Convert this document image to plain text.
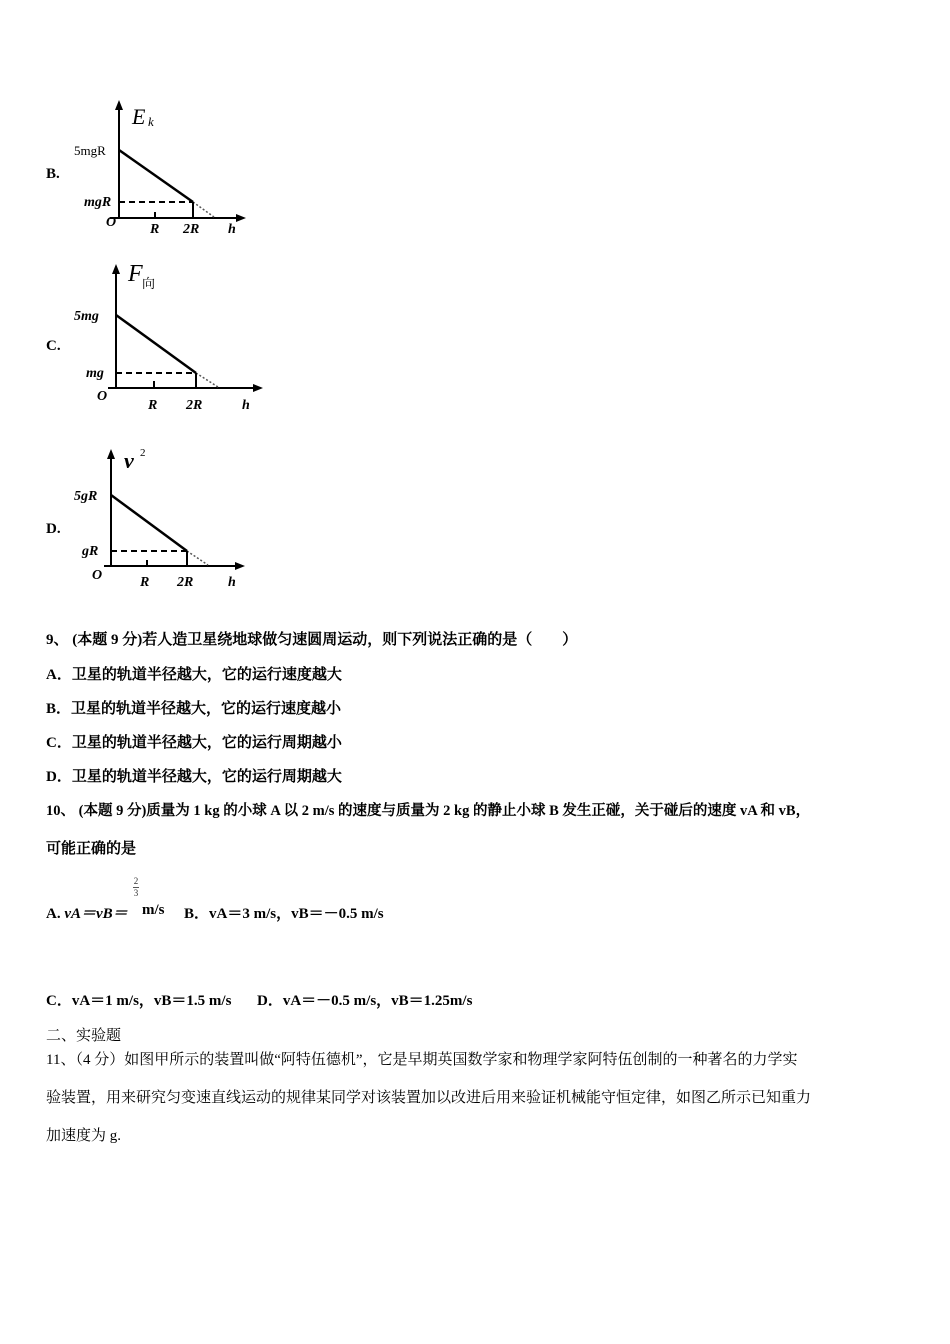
E k
5mgR
mgR
O R 2R h
F 向
5mg
mg
O
R 2R	h
v 2
5gR
gR
O	R 2R h
B.
C.
D.
9、 (本题 9 分)若人造卫星绕地球做匀速圆周运动，则下列说法正确的是（　　）
A．卫星的轨道半径越大，它的运行速度越大
B．卫星的轨道半径越大，它的运行速度越小
C．卫星的轨道半径越大，它的运行周期越小
D．卫星的轨道半径越大，它的运行周期越大
10、 (本题 9 分)质量为 1 kg 的小球 A 以 2 m/s 的速度与质量为 2 kg 的静止小球 B 发生正碰，关于碰后的速度 vA 和 vB，
可能正确的是
A. vA＝vB＝
2
3
m/s B．vA＝3 m/s，vB＝－0.5 m/s
C．vA＝1 m/s，vB＝1.5 m/s D．vA＝－0.5 m/s，vB＝1.25m/s
二、实验题
11、（4 分）如图甲所示的装置叫做“阿特伍德机”，它是早期英国数学家和物理学家阿特伍创制的一种著名的力学实
验装置，用来研究匀变速直线运动的规律某同学对该装置加以改进后用来验证机械能守恒定律，如图乙所示已知重力
加速度为 g.
